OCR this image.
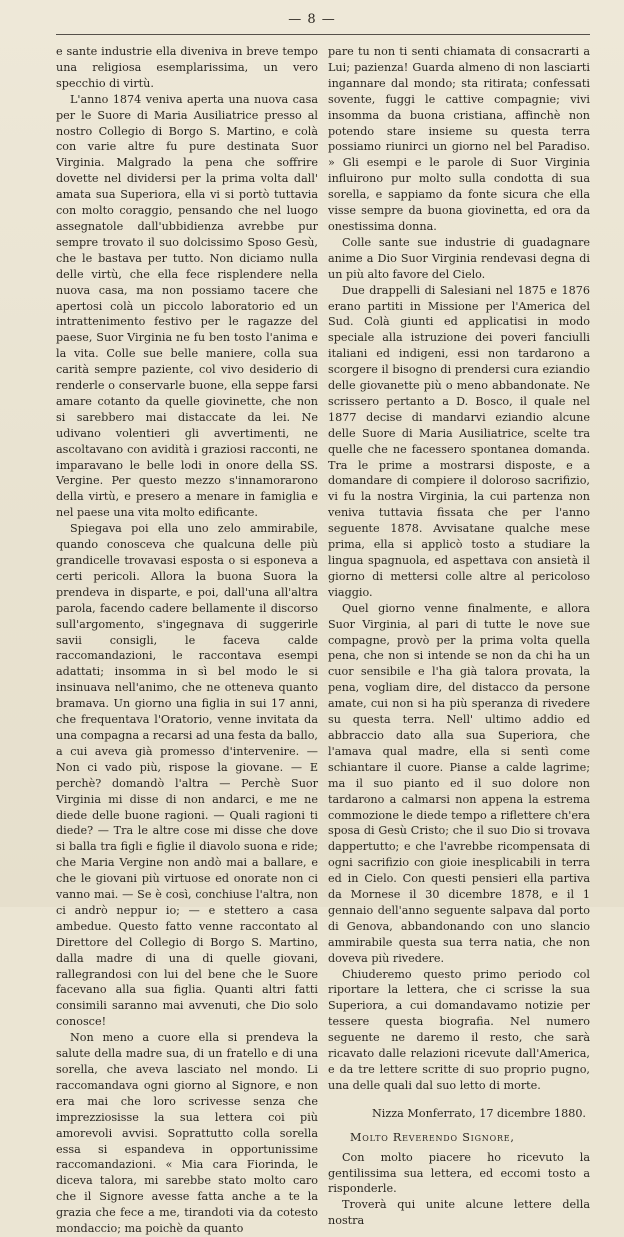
— 8 —

e sante industrie ella diveniva in breve tempo una religiosa esemplarissima, un vero specchio di virtù.

L'anno 1874 veniva aperta una nuova casa per le Suore di Maria Ausiliatrice presso al nostro Collegio di Borgo S. Martino, e colà con varie altre fu pure destinata Suor Virginia. Malgrado la pena che soffrire dovette nel dividersi per la prima volta dall' amata sua Superiora, ella vi si portò tuttavia con molto coraggio, pensando che nel luogo assegnatole dall'ubbidienza avrebbe pur sempre trovato il suo dolcissimo Sposo Gesù, che le bastava per tutto. Non diciamo nulla delle virtù, che ella fece risplendere nella nuova casa, ma non possiamo tacere che apertosi colà un piccolo laboratorio ed un intrattenimento festivo per le ragazze del paese, Suor Virginia ne fu ben tosto l'anima e la vita. Colle sue belle maniere, colla sua carità sempre paziente, col vivo desiderio di renderle o conservarle buone, ella seppe farsi amare cotanto da quelle giovinette, che non si sarebbero mai distaccate da lei. Ne udivano volentieri gli avvertimenti, ne ascoltavano con avidità i graziosi racconti, ne imparavano le belle lodi in onore della SS. Vergine. Per questo mezzo s'innamorarono della virtù, e presero a menare in famiglia e nel paese una vita molto edificante.

Spiegava poi ella uno zelo ammirabile, quando conosceva che qualcuna delle più grandicelle trovavasi esposta o si esponeva a certi pericoli. Allora la buona Suora la prendeva in disparte, e poi, dall'una all'altra parola, facendo cadere bellamente il discorso sull'argomento, s'ingegnava di suggerirle savii consigli, le faceva calde raccomandazioni, le raccontava esempi adattati; insomma in sì bel modo le si insinuava nell'animo, che ne otteneva quanto bramava. Un giorno una figlia in sui 17 anni, che frequentava l'Oratorio, venne invitata da una compagna a recarsi ad una festa da ballo, a cui aveva già promesso d'intervenire. — Non ci vado più, rispose la giovane. — E perchè? domandò l'altra — Perchè Suor Virginia mi disse di non andarci, e me ne diede delle buone ragioni. — Quali ragioni ti diede? — Tra le altre cose mi disse che dove si balla tra figli e figlie il diavolo suona e ride; che Maria Vergine non andò mai a ballare, e che le giovani più virtuose ed onorate non ci vanno mai. — Se è così, conchiuse l'altra, non ci andrò neppur io; — e stettero a casa ambedue. Questo fatto venne raccontato al Direttore del Collegio di Borgo S. Martino, dalla madre di una di quelle giovani, rallegrandosi con lui del bene che le Suore facevano alla sua figlia. Quanti altri fatti consimili saranno mai avvenuti, che Dio solo conosce!

Non meno a cuore ella si prendeva la salute della madre sua, di un fratello e di una sorella, che aveva lasciato nel mondo. Li raccomandava ogni giorno al Signore, e non era mai che loro scrivesse senza che imprezziosisse la sua lettera coi più amorevoli avvisi. Soprattutto colla sorella essa si espandeva in opportunissime raccomandazioni. « Mia cara Fiorinda, le diceva talora, mi sarebbe stato molto caro che il Signore avesse fatta anche a te la grazia che fece a me, tirandoti via da cotesto mondaccio; ma poichè da quanto

pare tu non ti senti chiamata di consacrarti a Lui; pazienza! Guarda almeno di non lasciarti ingannare dal mondo; sta ritirata; confessati sovente, fuggi le cattive compagnie; vivi insomma da buona cristiana, affinchè non potendo stare insieme su questa terra possiamo riunirci un giorno nel bel Paradiso. » Gli esempi e le parole di Suor Virginia influirono pur molto sulla condotta di sua sorella, e sappiamo da fonte sicura che ella visse sempre da buona giovinetta, ed ora da onestissima donna.

Colle sante sue industrie di guadagnare anime a Dio Suor Virginia rendevasi degna di un più alto favore del Cielo.

Due drappelli di Salesiani nel 1875 e 1876 erano partiti in Missione per l'America del Sud. Colà giunti ed applicatisi in modo speciale alla istruzione dei poveri fanciulli italiani ed indigeni, essi non tardarono a scorgere il bisogno di prendersi cura eziandio delle giovanette più o meno abbandonate. Ne scrissero pertanto a D. Bosco, il quale nel 1877 decise di mandarvi eziandio alcune delle Suore di Maria Ausiliatrice, scelte tra quelle che ne facessero spontanea domanda. Tra le prime a mostrarsi disposte, e a domandare di compiere il doloroso sacrifizio, vi fu la nostra Virginia, la cui partenza non veniva tuttavia fissata che per l'anno seguente 1878. Avvisatane qualche mese prima, ella si applicò tosto a studiare la lingua spagnuola, ed aspettava con ansietà il giorno di mettersi colle altre al pericoloso viaggio.

Quel giorno venne finalmente, e allora Suor Virginia, al pari di tutte le nove sue compagne, provò per la prima volta quella pena, che non si intende se non da chi ha un cuor sensibile e l'ha già talora provata, la pena, vogliam dire, del distacco da persone amate, cui non si ha più speranza di rivedere su questa terra. Nell' ultimo addio ed abbraccio dato alla sua Superiora, che l'amava qual madre, ella si sentì come schiantare il cuore. Pianse a calde lagrime; ma il suo pianto ed il suo dolore non tardarono a calmarsi non appena la estrema commozione le diede tempo a riflettere ch'era sposa di Gesù Cristo; che il suo Dio si trovava dappertutto; e che l'avrebbe ricompensata di ogni sacrifizio con gioie inesplicabili in terra ed in Cielo. Con questi pensieri ella partiva da Mornese il 30 dicembre 1878, e il 1 gennaio dell'anno seguente salpava dal porto di Genova, abbandonando con uno slancio ammirabile questa sua terra natia, che non doveva più rivedere.

Chiuderemo questo primo periodo col riportare la lettera, che ci scrisse la sua Superiora, a cui domandavamo notizie per tessere questa biografia. Nel numero seguente ne daremo il resto, che sarà ricavato dalle relazioni ricevute dall'America, e da tre lettere scritte di suo proprio pugno, una delle quali dal suo letto di morte.

Nizza Monferrato, 17 dicembre 1880.

Molto Reverendo Signore,

Con molto piacere ho ricevuto la gentilissima sua lettera, ed eccomi tosto a risponderle.

Troverà qui unite alcune lettere della nostra
